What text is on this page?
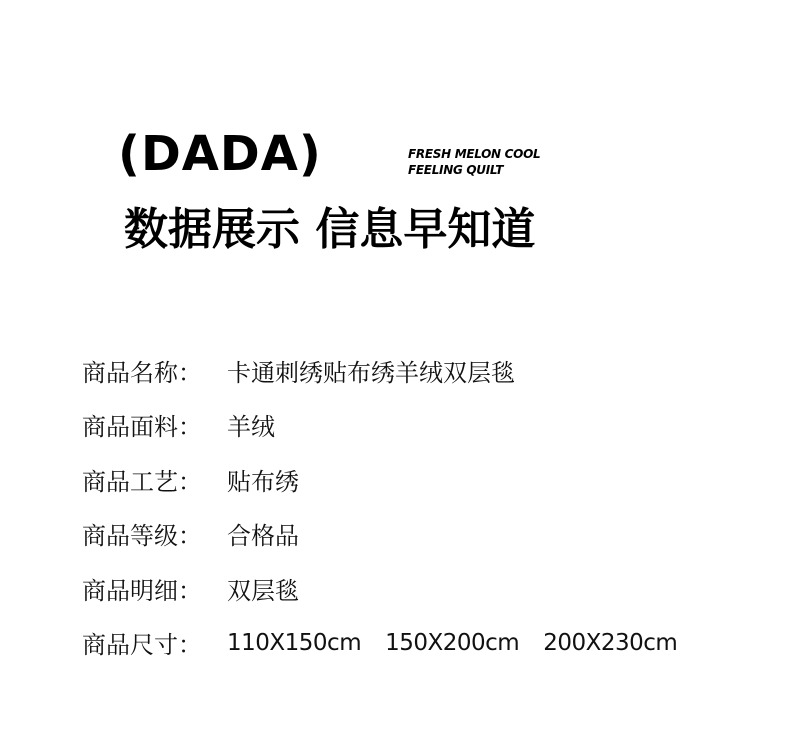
(DADA)	FRESH MELON COOL
FEELING QUILT
数据展示 信息早知道
商品名称：	卡通刺绣贴布绣羊绒双层毯
商品面料：	羊绒
商品工艺：	贴布绣
商品等级：	合格品
商品明细：	双层毯
商品尺寸：	110X150cm 150X200cm 200X230cm
